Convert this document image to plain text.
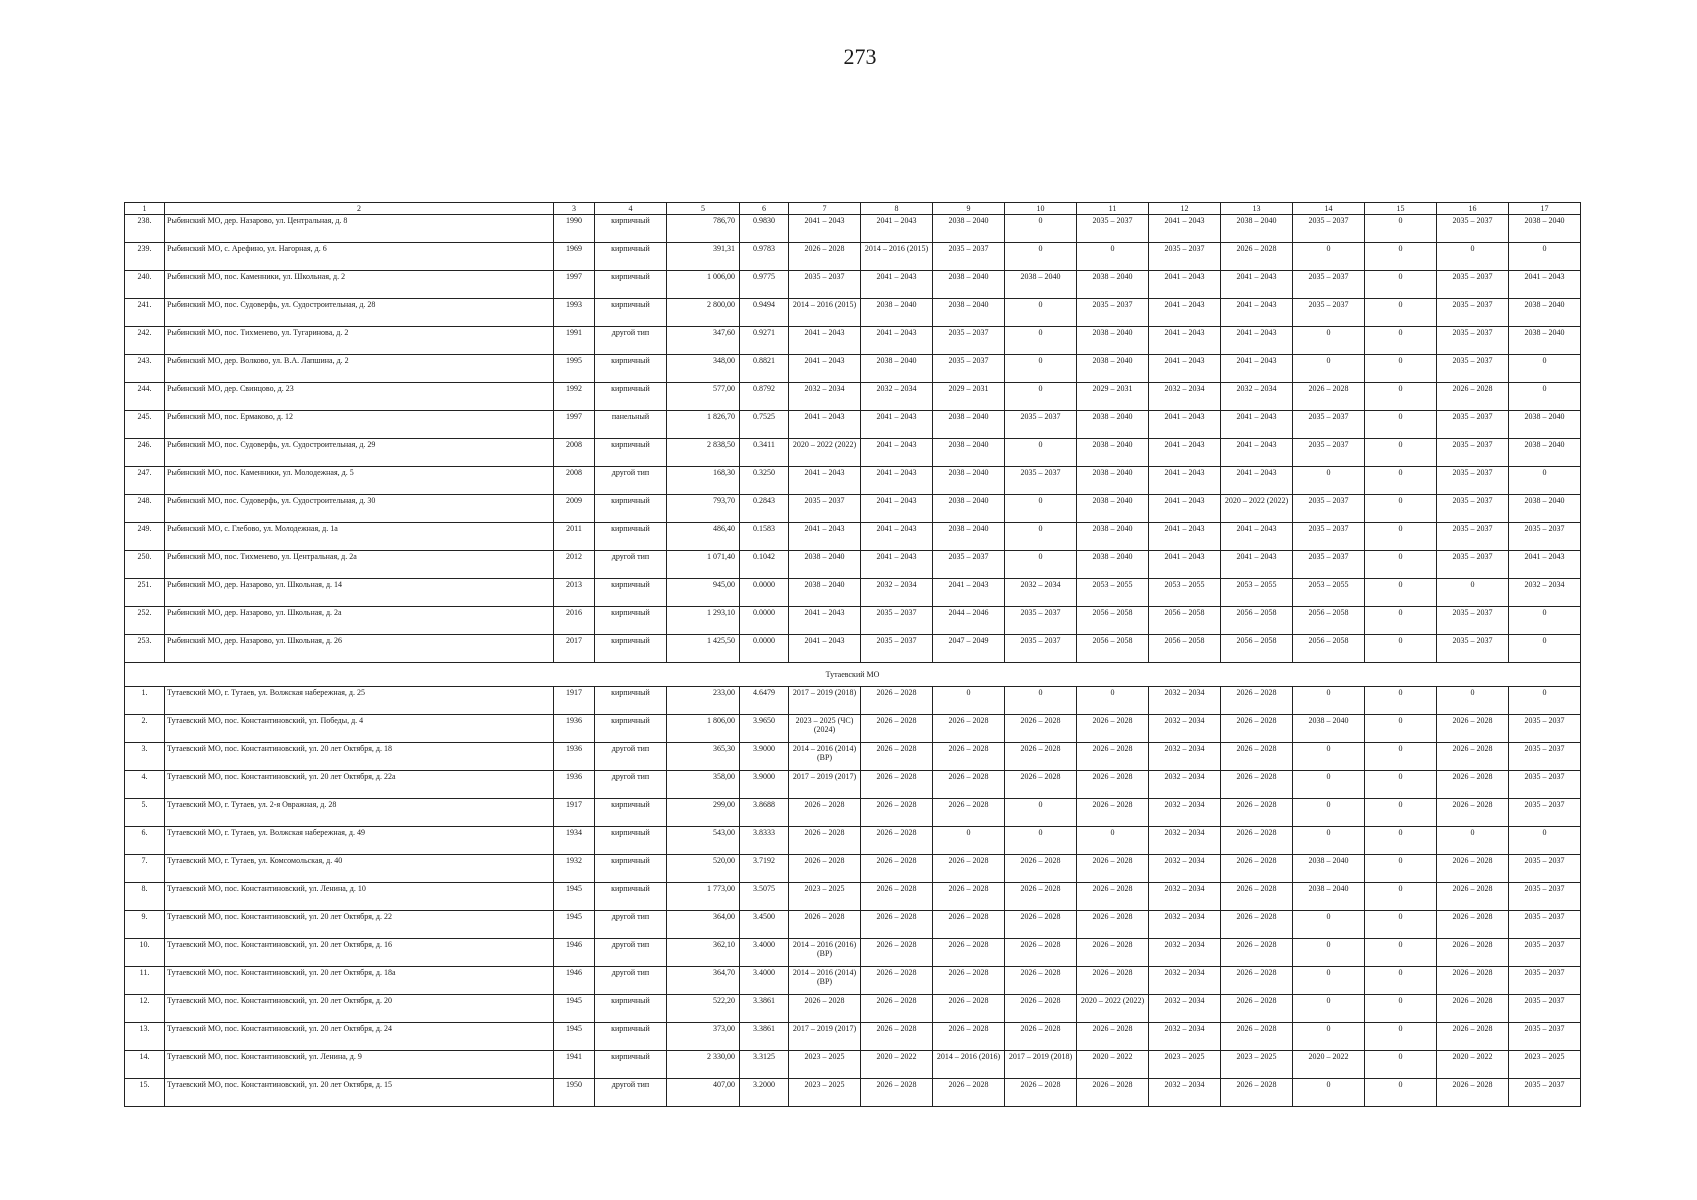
273
1	2	3	4	5	6	7	8	9	10	11	12	13	14	15	16	17
238.	Рыбинский МО, дер. Назарово, ул. Центральная, д. 8	1990	кирпичный	786,70	0.9830	2041 – 2043	2041 – 2043	2038 – 2040	0	2035 – 2037	2041 – 2043	2038 – 2040	2035 – 2037	0	2035 – 2037	2038 – 2040
239.	Рыбинский МО, с. Арефино, ул. Нагорная, д. 6	1969	кирпичный	391,31	0.9783	2026 – 2028	2014 – 2016 (2015)	2035 – 2037	0	0	2035 – 2037	2026 – 2028	0	0	0	0
240.	Рыбинский МО, пос. Каменники, ул. Школьная, д. 2	1997	кирпичный	1 006,00	0.9775	2035 – 2037	2041 – 2043	2038 – 2040	2038 – 2040	2038 – 2040	2041 – 2043	2041 – 2043	2035 – 2037	0	2035 – 2037	2041 – 2043
241.	Рыбинский МО, пос. Судоверфь, ул. Судостроительная, д. 28	1993	кирпичный	2 800,00	0.9494	2014 – 2016 (2015)	2038 – 2040	2038 – 2040	0	2035 – 2037	2041 – 2043	2041 – 2043	2035 – 2037	0	2035 – 2037	2038 – 2040
242.	Рыбинский МО, пос. Тихменево, ул. Тугаринова, д. 2	1991	другой тип	347,60	0.9271	2041 – 2043	2041 – 2043	2035 – 2037	0	2038 – 2040	2041 – 2043	2041 – 2043	0	0	2035 – 2037	2038 – 2040
243.	Рыбинский МО, дер. Волково, ул. В.А. Лапшина, д. 2	1995	кирпичный	348,00	0.8821	2041 – 2043	2038 – 2040	2035 – 2037	0	2038 – 2040	2041 – 2043	2041 – 2043	0	0	2035 – 2037	0
244.	Рыбинский МО, дер. Свинцово, д. 23	1992	кирпичный	577,00	0.8792	2032 – 2034	2032 – 2034	2029 – 2031	0	2029 – 2031	2032 – 2034	2032 – 2034	2026 – 2028	0	2026 – 2028	0
245.	Рыбинский МО, пос. Ермаково, д. 12	1997	панельный	1 826,70	0.7525	2041 – 2043	2041 – 2043	2038 – 2040	2035 – 2037	2038 – 2040	2041 – 2043	2041 – 2043	2035 – 2037	0	2035 – 2037	2038 – 2040
246.	Рыбинский МО, пос. Судоверфь, ул. Судостроительная, д. 29	2008	кирпичный	2 838,50	0.3411	2020 – 2022 (2022)	2041 – 2043	2038 – 2040	0	2038 – 2040	2041 – 2043	2041 – 2043	2035 – 2037	0	2035 – 2037	2038 – 2040
247.	Рыбинский МО, пос. Каменники, ул. Молодежная, д. 5	2008	другой тип	168,30	0.3250	2041 – 2043	2041 – 2043	2038 – 2040	2035 – 2037	2038 – 2040	2041 – 2043	2041 – 2043	0	0	2035 – 2037	0
248.	Рыбинский МО, пос. Судоверфь, ул. Судостроительная, д. 30	2009	кирпичный	793,70	0.2843	2035 – 2037	2041 – 2043	2038 – 2040	0	2038 – 2040	2041 – 2043	2020 – 2022 (2022)	2035 – 2037	0	2035 – 2037	2038 – 2040
249.	Рыбинский МО, с. Глебово, ул. Молодежная, д. 1а	2011	кирпичный	486,40	0.1583	2041 – 2043	2041 – 2043	2038 – 2040	0	2038 – 2040	2041 – 2043	2041 – 2043	2035 – 2037	0	2035 – 2037	2035 – 2037
250.	Рыбинский МО, пос. Тихменево, ул. Центральная, д. 2а	2012	другой тип	1 071,40	0.1042	2038 – 2040	2041 – 2043	2035 – 2037	0	2038 – 2040	2041 – 2043	2041 – 2043	2035 – 2037	0	2035 – 2037	2041 – 2043
251.	Рыбинский МО, дер. Назарово, ул. Школьная, д. 14	2013	кирпичный	945,00	0.0000	2038 – 2040	2032 – 2034	2041 – 2043	2032 – 2034	2053 – 2055	2053 – 2055	2053 – 2055	2053 – 2055	0	0	2032 – 2034
252.	Рыбинский МО, дер. Назарово, ул. Школьная, д. 2а	2016	кирпичный	1 293,10	0.0000	2041 – 2043	2035 – 2037	2044 – 2046	2035 – 2037	2056 – 2058	2056 – 2058	2056 – 2058	2056 – 2058	0	2035 – 2037	0
253.	Рыбинский МО, дер. Назарово, ул. Школьная, д. 26	2017	кирпичный	1 425,50	0.0000	2041 – 2043	2035 – 2037	2047 – 2049	2035 – 2037	2056 – 2058	2056 – 2058	2056 – 2058	2056 – 2058	0	2035 – 2037	0
Тутаевский МО																
1.	Тутаевский МО, г. Тутаев, ул. Волжская набережная, д. 25	1917	кирпичный	233,00	4.6479	2017 – 2019 (2018)	2026 – 2028	0	0	0	2032 – 2034	2026 – 2028	0	0	0	0
2.	Тутаевский МО, пос. Константиновский, ул. Победы, д. 4	1936	кирпичный	1 806,00	3.9650	2023 – 2025 (ЧС) (2024)	2026 – 2028	2026 – 2028	2026 – 2028	2026 – 2028	2032 – 2034	2026 – 2028	2038 – 2040	0	2026 – 2028	2035 – 2037
3.	Тутаевский МО, пос. Константиновский, ул. 20 лет Октября, д. 18	1936	другой тип	365,30	3.9000	2014 – 2016 (2014) (ВР)	2026 – 2028	2026 – 2028	2026 – 2028	2026 – 2028	2032 – 2034	2026 – 2028	0	0	2026 – 2028	2035 – 2037
4.	Тутаевский МО, пос. Константиновский, ул. 20 лет Октября, д. 22а	1936	другой тип	358,00	3.9000	2017 – 2019 (2017)	2026 – 2028	2026 – 2028	2026 – 2028	2026 – 2028	2032 – 2034	2026 – 2028	0	0	2026 – 2028	2035 – 2037
5.	Тутаевский МО, г. Тутаев, ул. 2-я Овражная, д. 28	1917	кирпичный	299,00	3.8688	2026 – 2028	2026 – 2028	2026 – 2028	0	2026 – 2028	2032 – 2034	2026 – 2028	0	0	2026 – 2028	2035 – 2037
6.	Тутаевский МО, г. Тутаев, ул. Волжская набережная, д. 49	1934	кирпичный	543,00	3.8333	2026 – 2028	2026 – 2028	0	0	0	2032 – 2034	2026 – 2028	0	0	0	0
7.	Тутаевский МО, г. Тутаев, ул. Комсомольская, д. 40	1932	кирпичный	520,00	3.7192	2026 – 2028	2026 – 2028	2026 – 2028	2026 – 2028	2026 – 2028	2032 – 2034	2026 – 2028	2038 – 2040	0	2026 – 2028	2035 – 2037
8.	Тутаевский МО, пос. Константиновский, ул. Ленина, д. 10	1945	кирпичный	1 773,00	3.5075	2023 – 2025	2026 – 2028	2026 – 2028	2026 – 2028	2026 – 2028	2032 – 2034	2026 – 2028	2038 – 2040	0	2026 – 2028	2035 – 2037
9.	Тутаевский МО, пос. Константиновский, ул. 20 лет Октября, д. 22	1945	другой тип	364,00	3.4500	2026 – 2028	2026 – 2028	2026 – 2028	2026 – 2028	2026 – 2028	2032 – 2034	2026 – 2028	0	0	2026 – 2028	2035 – 2037
10.	Тутаевский МО, пос. Константиновский, ул. 20 лет Октября, д. 16	1946	другой тип	362,10	3.4000	2014 – 2016 (2016) (ВР)	2026 – 2028	2026 – 2028	2026 – 2028	2026 – 2028	2032 – 2034	2026 – 2028	0	0	2026 – 2028	2035 – 2037
11.	Тутаевский МО, пос. Константиновский, ул. 20 лет Октября, д. 18а	1946	другой тип	364,70	3.4000	2014 – 2016 (2014) (ВР)	2026 – 2028	2026 – 2028	2026 – 2028	2026 – 2028	2032 – 2034	2026 – 2028	0	0	2026 – 2028	2035 – 2037
12.	Тутаевский МО, пос. Константиновский, ул. 20 лет Октября, д. 20	1945	кирпичный	522,20	3.3861	2026 – 2028	2026 – 2028	2026 – 2028	2026 – 2028	2020 – 2022 (2022)	2032 – 2034	2026 – 2028	0	0	2026 – 2028	2035 – 2037
13.	Тутаевский МО, пос. Константиновский, ул. 20 лет Октября, д. 24	1945	кирпичный	373,00	3.3861	2017 – 2019 (2017)	2026 – 2028	2026 – 2028	2026 – 2028	2026 – 2028	2032 – 2034	2026 – 2028	0	0	2026 – 2028	2035 – 2037
14.	Тутаевский МО, пос. Константиновский, ул. Ленина, д. 9	1941	кирпичный	2 330,00	3.3125	2023 – 2025	2020 – 2022	2014 – 2016 (2016)	2017 – 2019 (2018)	2020 – 2022	2023 – 2025	2023 – 2025	2020 – 2022	0	2020 – 2022	2023 – 2025
15.	Тутаевский МО, пос. Константиновский, ул. 20 лет Октября, д. 15	1950	другой тип	407,00	3.2000	2023 – 2025	2026 – 2028	2026 – 2028	2026 – 2028	2026 – 2028	2032 – 2034	2026 – 2028	0	0	2026 – 2028	2035 – 2037
